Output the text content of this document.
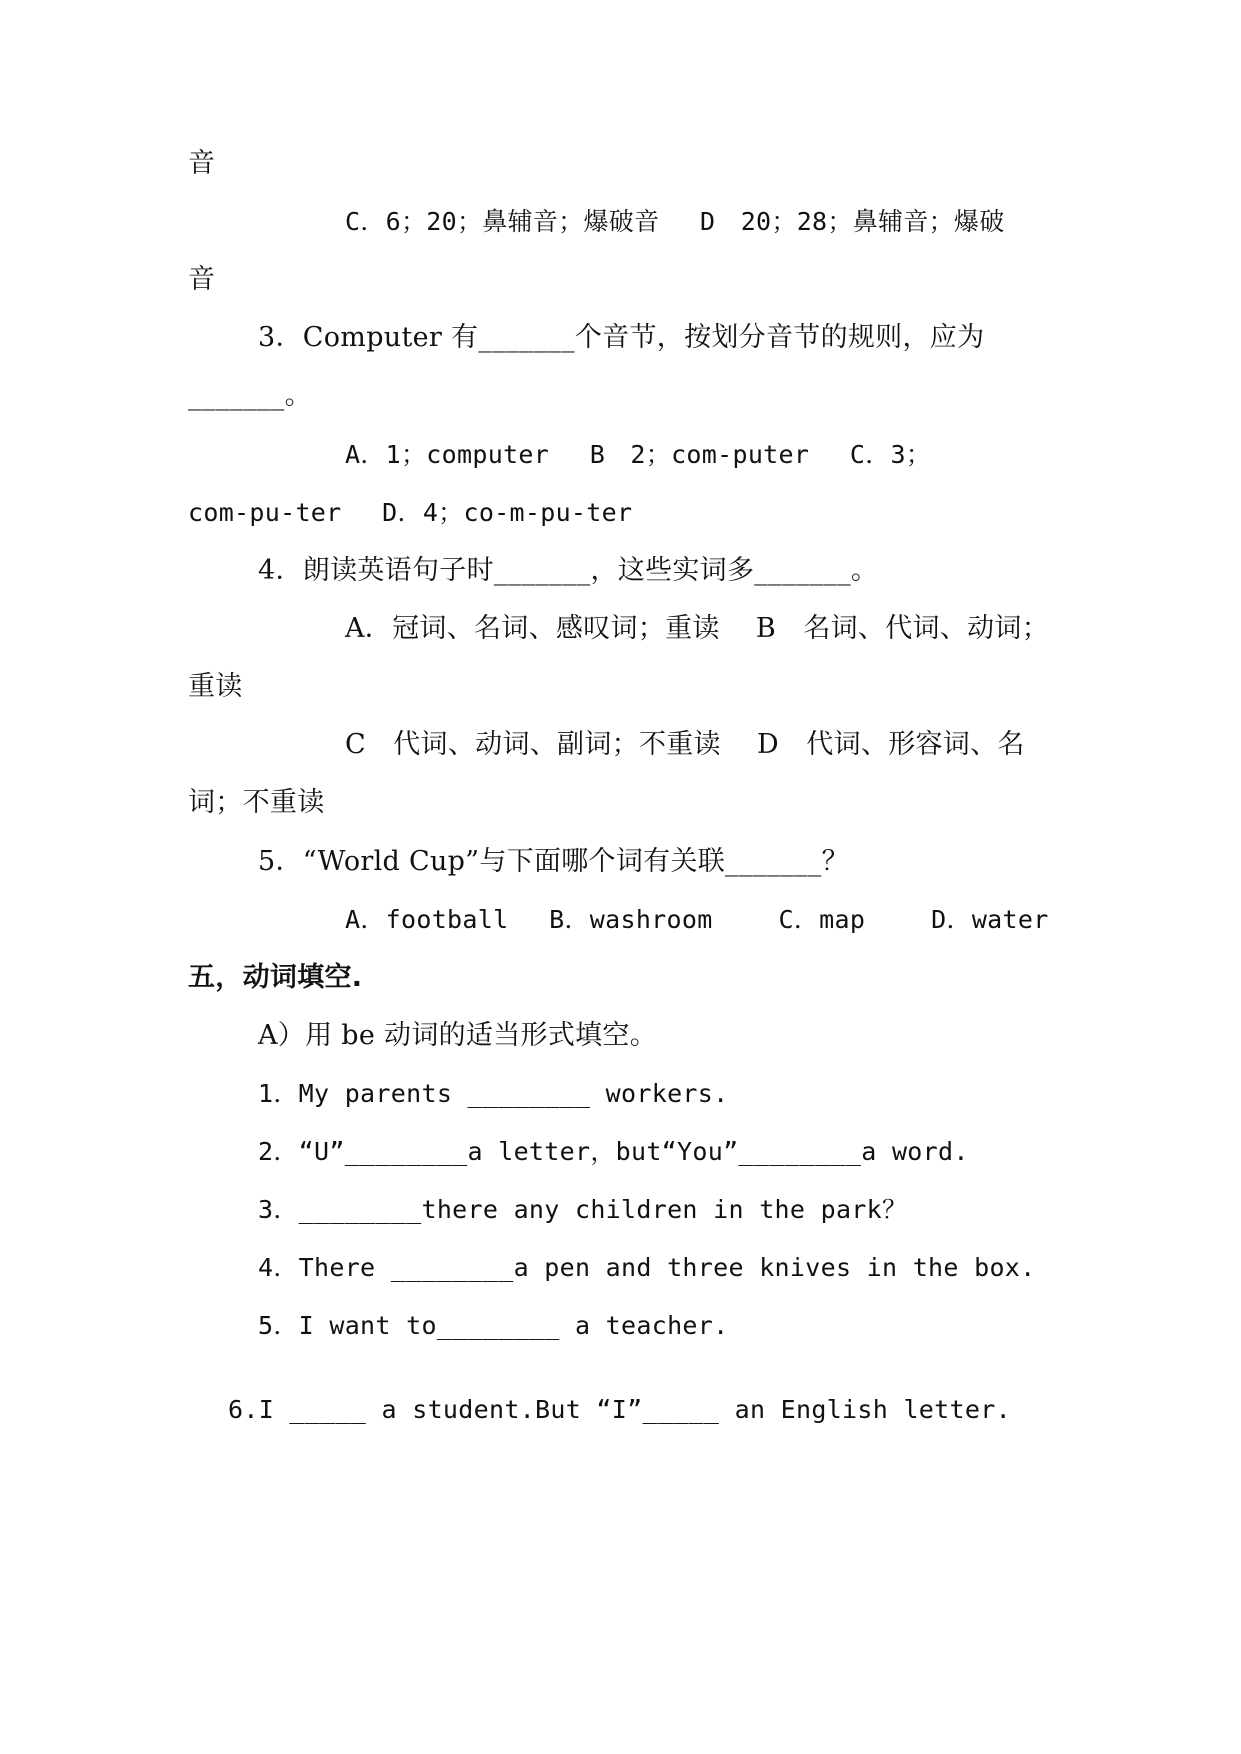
音
C．6；20；鼻辅音；爆破音　 D　20；28；鼻辅音；爆破
音
3．Computer 有_______个音节，按划分音节的规则，应为
_______。
A．1；computer　 B　2；com-puter　 C．3；
com-pu-ter　 D．4；co-m-pu-ter
4．朗读英语句子时_______，这些实词多_______。
A．冠词、名词、感叹词；重读　 B　名词、代词、动词；
重读
C　代词、动词、副词；不重读　 D　代词、形容词、名
词；不重读
5．“World Cup”与下面哪个词有关联_______？
A．football　 B．washroom　 　C．map　 　D．water
五，动词填空.
A）用 be 动词的适当形式填空。
1．My parents ________ workers.
2．“U”________a letter，but“You”________a word.
3．________there any children in the park？
4．There ________a pen and three knives in the box.
5．I want to________ a teacher.
6.I _____ a student.But “I”_____ an English letter.
